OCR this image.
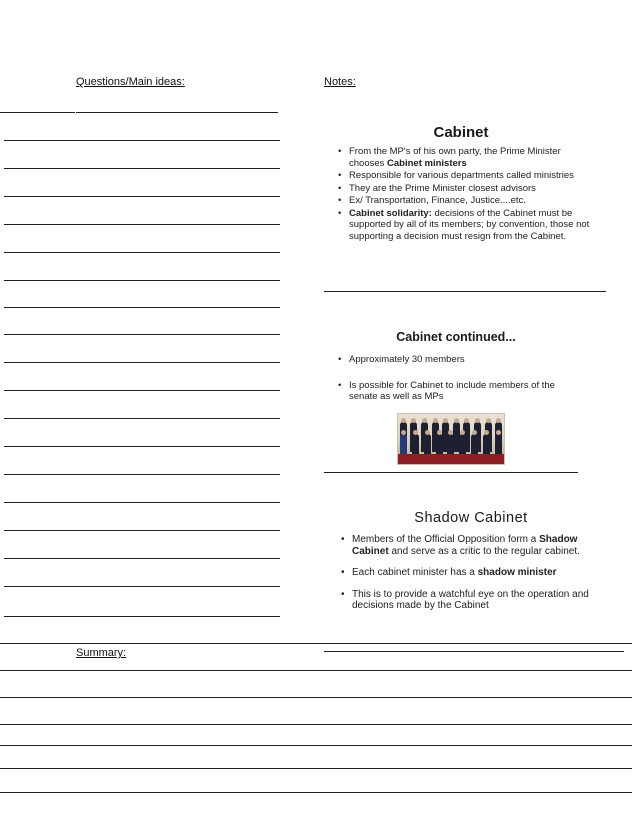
Questions/Main ideas:	Notes:
Cabinet
• From the MP's of his own party, the Prime Minister chooses Cabinet ministers
• Responsible for various departments called ministries
• They are the Prime Minister closest advisors
• Ex/ Transportation, Finance, Justice....etc.
• Cabinet solidarity: decisions of the Cabinet must be supported by all of its members; by convention, those not supporting a decision must resign from the Cabinet.
Cabinet continued...
• Approximately 30 members
• Is possible for Cabinet to include members of the senate as well as MPs
Shadow Cabinet
• Members of the Official Opposition form a Shadow Cabinet and serve as a critic to the regular cabinet.
• Each cabinet minister has a shadow minister
• This is to provide a watchful eye on the operation and decisions made by the Cabinet
Summary:
